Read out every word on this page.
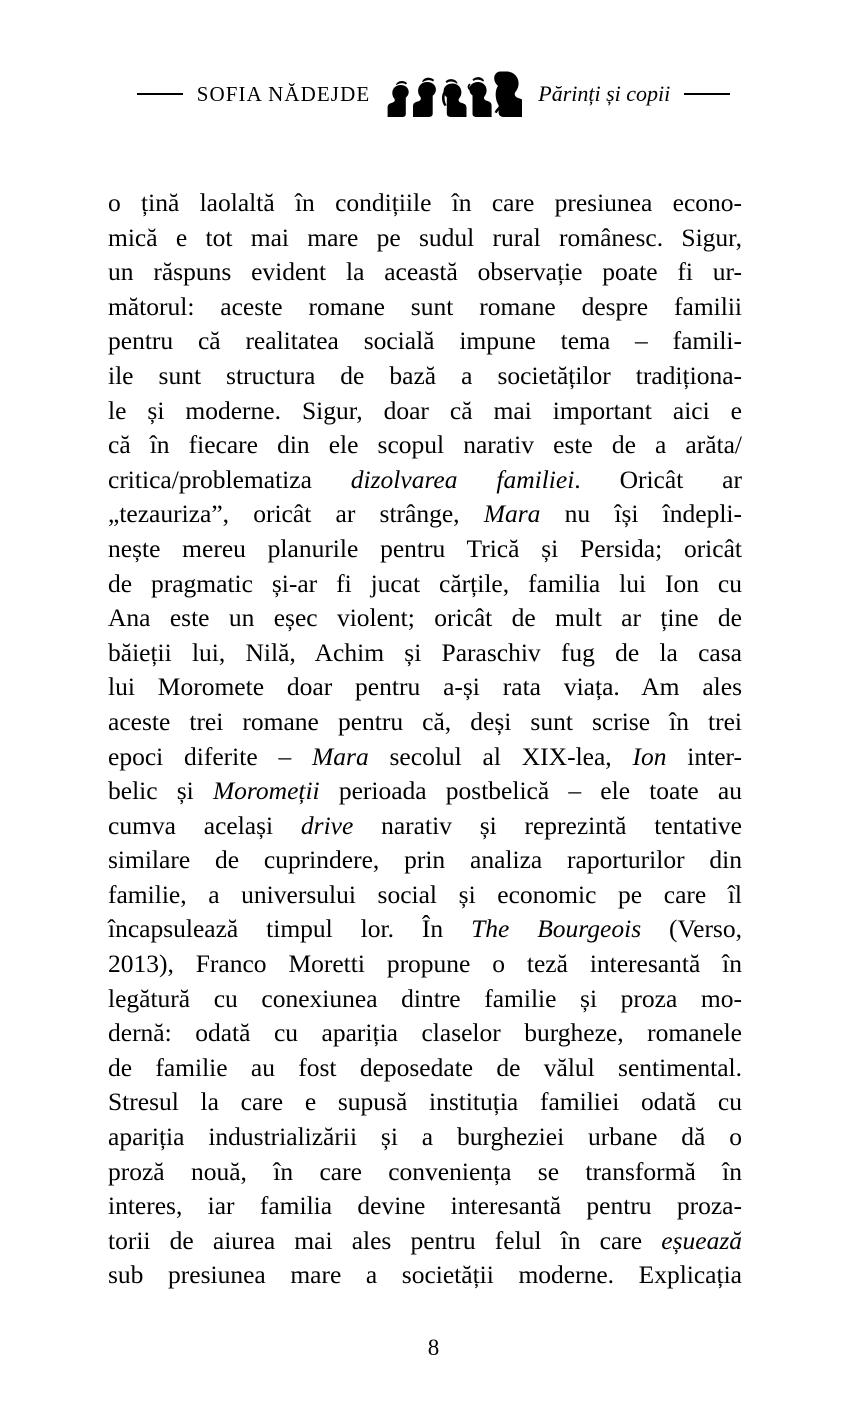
SOFIA NĂDEJDE	Părinți și copii
o țină laolaltă în condițiile în care presiunea econo-
mică e tot mai mare pe sudul rural românesc. Sigur,
un răspuns evident la această observație poate fi ur-
mătorul: aceste romane sunt romane despre familii
pentru că realitatea socială impune tema – famili-
ile sunt structura de bază a societăților tradiționa-
le și moderne. Sigur, doar că mai important aici e
că în fiecare din ele scopul narativ este de a arăta/
critica/problematiza dizolvarea familiei. Oricât ar
„tezauriza”, oricât ar strânge, Mara nu își îndepli-
nește mereu planurile pentru Trică și Persida; oricât
de pragmatic și-ar fi jucat cărțile, familia lui Ion cu
Ana este un eșec violent; oricât de mult ar ține de
băieții lui, Nilă, Achim și Paraschiv fug de la casa
lui Moromete doar pentru a-și rata viața. Am ales
aceste trei romane pentru că, deși sunt scrise în trei
epoci diferite – Mara secolul al XIX-lea, Ion inter-
belic și Moromeții perioada postbelică – ele toate au
cumva același drive narativ și reprezintă tentative
similare de cuprindere, prin analiza raporturilor din
familie, a universului social și economic pe care îl
încapsulează timpul lor. În The Bourgeois (Verso,
2013), Franco Moretti propune o teză interesantă în
legătură cu conexiunea dintre familie și proza mo-
dernă: odată cu apariția claselor burgheze, romanele
de familie au fost deposedate de vălul sentimental.
Stresul la care e supusă instituția familiei odată cu
apariția industrializării și a burgheziei urbane dă o
proză nouă, în care conveniența se transformă în
interes, iar familia devine interesantă pentru proza-
torii de aiurea mai ales pentru felul în care eșuează
sub presiunea mare a societății moderne. Explicația
8
